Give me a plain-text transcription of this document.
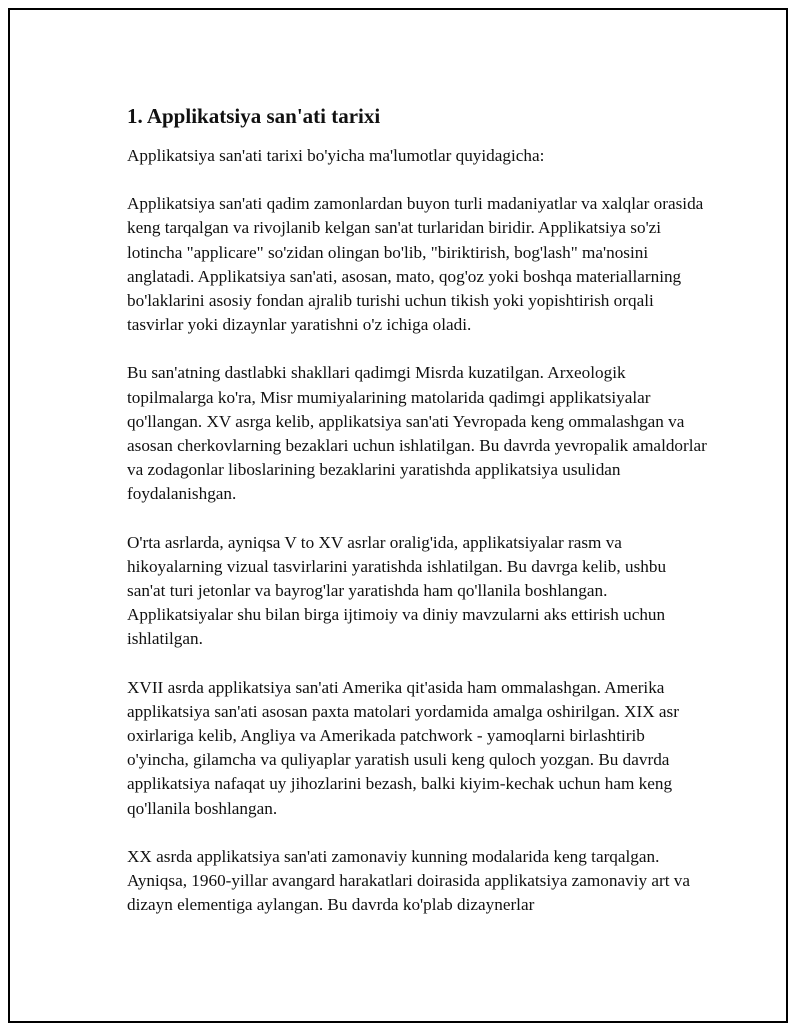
1. Applikatsiya san'ati tarixi

Applikatsiya san'ati tarixi bo'yicha ma'lumotlar quyidagicha:

Applikatsiya san'ati qadim zamonlardan buyon turli madaniyatlar va xalqlar orasida keng tarqalgan va rivojlanib kelgan san'at turlaridan biridir. Applikatsiya so'zi lotincha "applicare" so'zidan olingan bo'lib, "biriktirish, bog'lash" ma'nosini anglatadi. Applikatsiya san'ati, asosan, mato, qog'oz yoki boshqa materiallarning bo'laklarini asosiy fondan ajralib turishi uchun tikish yoki yopishtirish orqali tasvirlar yoki dizaynlar yaratishni o'z ichiga oladi.

Bu san'atning dastlabki shakllari qadimgi Misrda kuzatilgan. Arxeologik topilmalarga ko'ra, Misr mumiyalarining matolarida qadimgi applikatsiyalar qo'llangan. XV asrga kelib, applikatsiya san'ati Yevropada keng ommalashgan va asosan cherkovlarning bezaklari uchun ishlatilgan. Bu davrda yevropalik amaldorlar va zodagonlar liboslarining bezaklarini yaratishda applikatsiya usulidan foydalanishgan.

O'rta asrlarda, ayniqsa V to XV asrlar oralig'ida, applikatsiyalar rasm va hikoyalarning vizual tasvirlarini yaratishda ishlatilgan. Bu davrga kelib, ushbu san'at turi jetonlar va bayrog'lar yaratishda ham qo'llanila boshlangan. Applikatsiyalar shu bilan birga ijtimoiy va diniy mavzularni aks ettirish uchun ishlatilgan.

XVII asrda applikatsiya san'ati Amerika qit'asida ham ommalashgan. Amerika applikatsiya san'ati asosan paxta matolari yordamida amalga oshirilgan. XIX asr oxirlariga kelib, Angliya va Amerikada patchwork - yamoqlarni birlashtirib o'yincha, gilamcha va quliyaplar yaratish usuli keng quloch yozgan. Bu davrda applikatsiya nafaqat uy jihozlarini bezash, balki kiyim-kechak uchun ham keng qo'llanila boshlangan.

XX asrda applikatsiya san'ati zamonaviy kunning modalarida keng tarqalgan. Ayniqsa, 1960-yillar avangard harakatlari doirasida applikatsiya zamonaviy art va dizayn elementiga aylangan. Bu davrda ko'plab dizaynerlar
